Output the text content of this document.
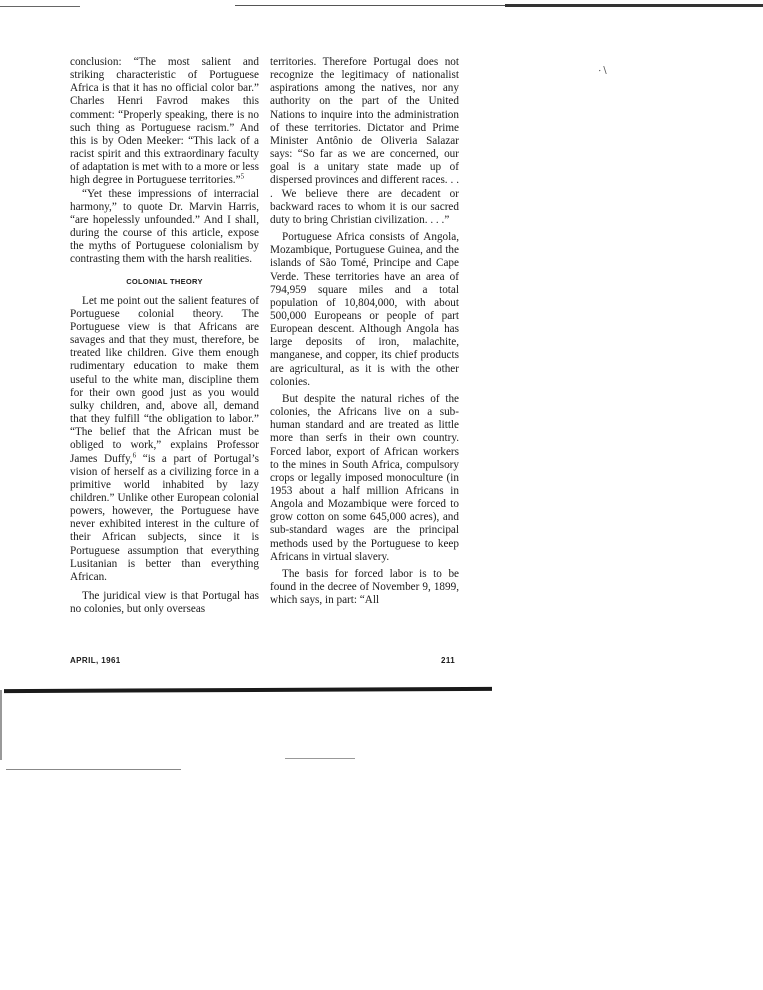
⋅∖

conclusion: “The most salient and striking characteristic of Portuguese Africa is that it has no official color bar.” Charles Henri Favrod makes this comment: “Properly speaking, there is no such thing as Portuguese racism.” And this is by Oden Meeker: “This lack of a racist spirit and this extraordinary faculty of adaptation is met with to a more or less high degree in Portuguese territories.”$^5$

“Yet these impressions of interracial harmony,” to quote Dr. Marvin Harris, “are hopelessly unfounded.” And I shall, during the course of this article, expose the myths of Portuguese colonialism by contrasting them with the harsh realities.

COLONIAL THEORY

Let me point out the salient features of Portuguese colonial theory. The Portuguese view is that Africans are savages and that they must, therefore, be treated like children. Give them enough rudimentary education to make them useful to the white man, discipline them for their own good just as you would sulky children, and, above all, demand that they fulfill “the obligation to labor.” “The belief that the African must be obliged to work,” explains Professor James Duffy,$^6$ “is a part of Portugal’s vision of herself as a civilizing force in a primitive world inhabited by lazy children.” Unlike other European colonial powers, however, the Portuguese have never exhibited interest in the culture of their African subjects, since it is Portuguese assumption that everything Lusitanian is better than everything African.

The juridical view is that Portugal has no colonies, but only overseas

territories. Therefore Portugal does not recognize the legitimacy of nationalist aspirations among the natives, nor any authority on the part of the United Nations to inquire into the administration of these territories. Dictator and Prime Minister Antônio de Oliveria Salazar says: “So far as we are concerned, our goal is a unitary state made up of dispersed provinces and different races. . . . We believe there are decadent or backward races to whom it is our sacred duty to bring Christian civilization. . . .”

Portuguese Africa consists of Angola, Mozambique, Portuguese Guinea, and the islands of São Tomé, Principe and Cape Verde. These territories have an area of 794,959 square miles and a total population of 10,804,000, with about 500,000 Europeans or people of part European descent. Although Angola has large deposits of iron, malachite, manganese, and copper, its chief products are agricultural, as it is with the other colonies.

But despite the natural riches of the colonies, the Africans live on a sub-human standard and are treated as little more than serfs in their own country. Forced labor, export of African workers to the mines in South Africa, compulsory crops or legally imposed monoculture (in 1953 about a half million Africans in Angola and Mozambique were forced to grow cotton on some 645,000 acres), and sub-standard wages are the principal methods used by the Portuguese to keep Africans in virtual slavery.

The basis for forced labor is to be found in the decree of November 9, 1899, which says, in part: “All

APRIL, 1961	211
